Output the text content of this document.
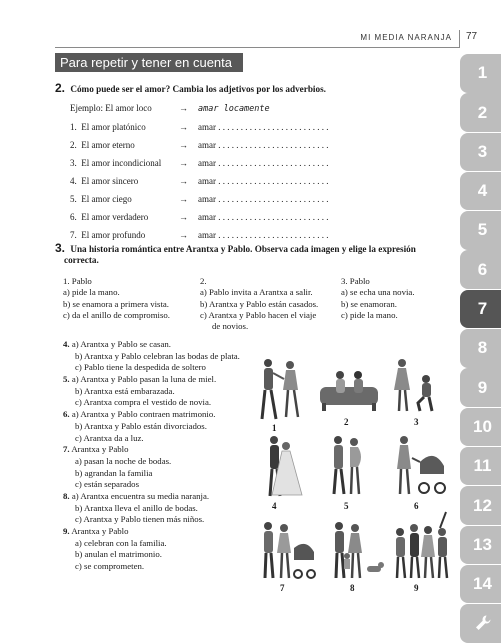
MI MEDIA NARANJA 77
Para repetir y tener en cuenta
1
2
3
4
5
6
7
8
9
10
11
12
13
14
2. Cómo puede ser el amor? Cambia los adjetivos por los adverbios.
Ejemplo: El amor loco	→ amar locamente
1. El amor platónico	→ amar . . . . . . . . . . . . . . . . . . . . . . . . .
2. El amor eterno	→ amar . . . . . . . . . . . . . . . . . . . . . . . . .
3. El amor incondicional → amar . . . . . . . . . . . . . . . . . . . . . . . . .
4. El amor sincero	→ amar . . . . . . . . . . . . . . . . . . . . . . . . .
5. El amor ciego	→ amar . . . . . . . . . . . . . . . . . . . . . . . . .
6. El amor verdadero	→ amar . . . . . . . . . . . . . . . . . . . . . . . . .
7. El amor profundo	→ amar . . . . . . . . . . . . . . . . . . . . . . . . .
3. Una historia romántica entre Arantxa y Pablo. Observa cada imagen y elige la expresión
correcta.
1. Pablo
a) pide la mano.
b) se enamora a primera vista.
c) da el anillo de compromiso.
2.
a) Pablo invita a Arantxa a salir.
b) Arantxa y Pablo están casados.
c) Arantxa y Pablo hacen el viaje
de novios.
3. Pablo
a) se echa una novia.
b) se enamoran.
c) pide la mano.
4. a) Arantxa y Pablo se casan.
b) Arantxa y Pablo celebran las bodas de plata.
c) Pablo tiene la despedida de soltero
5. a) Arantxa y Pablo pasan la luna de miel.
b) Arantxa está embarazada.
c) Arantxa compra el vestido de novia.
6. a) Arantxa y Pablo contraen matrimonio.
b) Arantxa y Pablo están divorciados.
c) Arantxa da a luz.
7. Arantxa y Pablo
a) pasan la noche de bodas.
b) agrandan la familia
c) están separados
8. a) Arantxa encuentra su media naranja.
b) Arantxa lleva el anillo de bodas.
c) Arantxa y Pablo tienen más niños.
9. Arantxa y Pablo
a) celebran con la familia.
b) anulan el matrimonio.
c) se comprometen.
1
2	3
4	5	6
7	8	9
